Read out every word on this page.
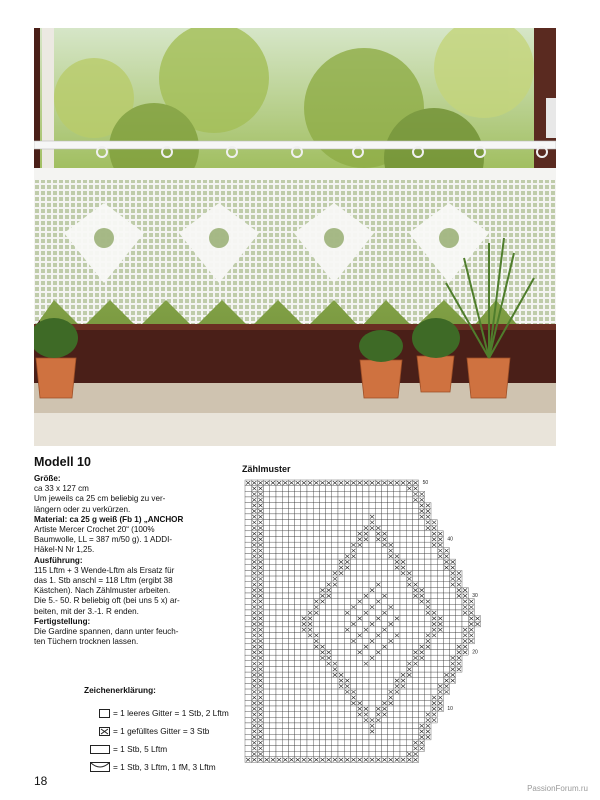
Modell 10
Größe:
ca 33 x 127 cm
Um jeweils ca 25 cm beliebig zu ver-
längern oder zu verkürzen.
Material: ca 25 g weiß (Fb 1) „ANCHOR
Artiste Mercer Crochet 20“ (100%
Baumwolle, LL = 387 m/50 g). 1 ADDI-
Häkel-N Nr 1,25.
Ausführung:
115 Lftm + 3 Wende-Lftm als Ersatz für
das 1. Stb anschl = 118 Lftm (ergibt 38
Kästchen). Nach Zählmuster arbeiten.
Die 5.- 50. R beliebig oft (bei uns 5 x) ar-
beiten, mit der 3.-1. R enden.
Fertigstellung:
Die Gardine spannen, dann unter feuch-
ten Tüchern trocknen lassen.
Zeichenerklärung:
= 1 leeres Gitter = 1 Stb, 2 Lftm
= 1 gefülltes Gitter = 3 Stb
= 1 Stb, 5 Lftm
= 1 Stb, 3 Lftm, 1 fM, 3 Lftm
Zählmuster
50
40
30
20
10
18
PassionForum.ru
